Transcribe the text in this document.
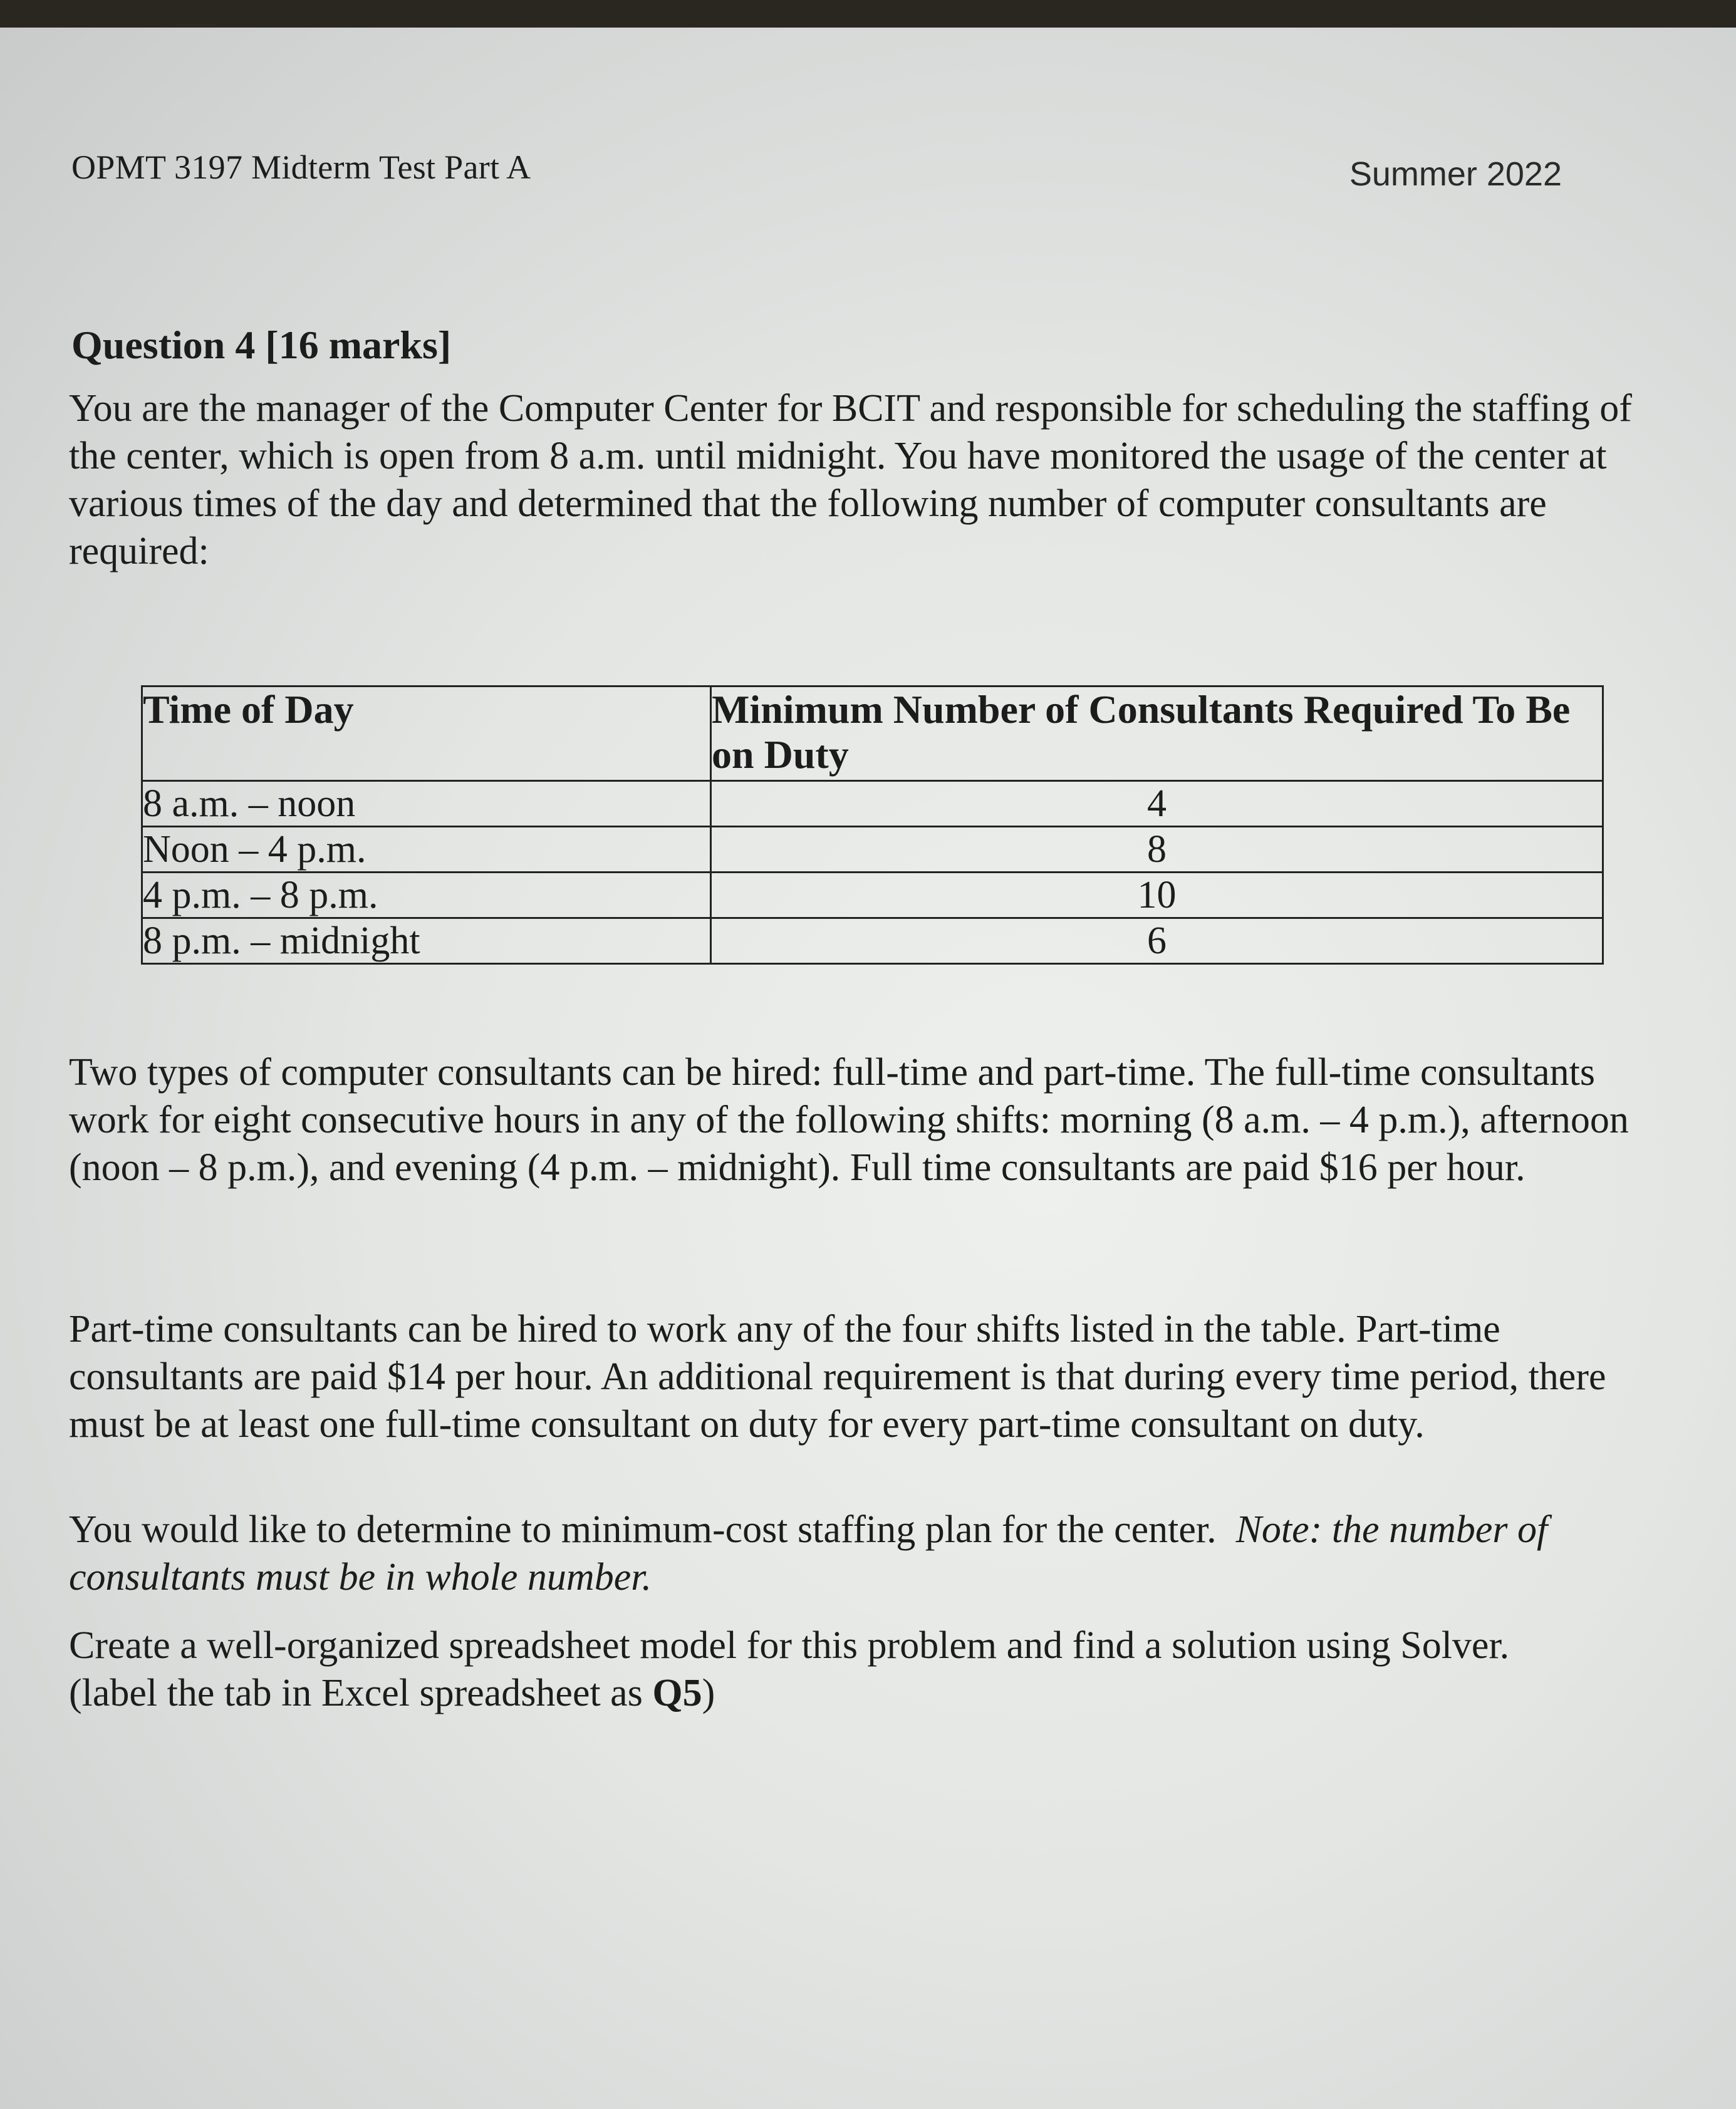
OPMT 3197 Midterm Test Part A	Summer 2022
Question 4 [16 marks]
You are the manager of the Computer Center for BCIT and responsible for scheduling the staffing of the center, which is open from 8 a.m. until midnight. You have monitored the usage of the center at various times of the day and determined that the following number of computer consultants are required:
Time of Day	Minimum Number of Consultants Required To Be on Duty
8 a.m. – noon	4
Noon – 4 p.m.	8
4 p.m. – 8 p.m.	10
8 p.m. – midnight	6
Two types of computer consultants can be hired: full-time and part-time. The full-time consultants work for eight consecutive hours in any of the following shifts: morning (8 a.m. – 4 p.m.), afternoon (noon – 8 p.m.), and evening (4 p.m. – midnight). Full time consultants are paid $16 per hour.
Part-time consultants can be hired to work any of the four shifts listed in the table. Part-time consultants are paid $14 per hour. An additional requirement is that during every time period, there must be at least one full-time consultant on duty for every part-time consultant on duty.
You would like to determine to minimum-cost staffing plan for the center. Note: the number of consultants must be in whole number.
Create a well-organized spreadsheet model for this problem and find a solution using Solver.
(label the tab in Excel spreadsheet as Q5)
